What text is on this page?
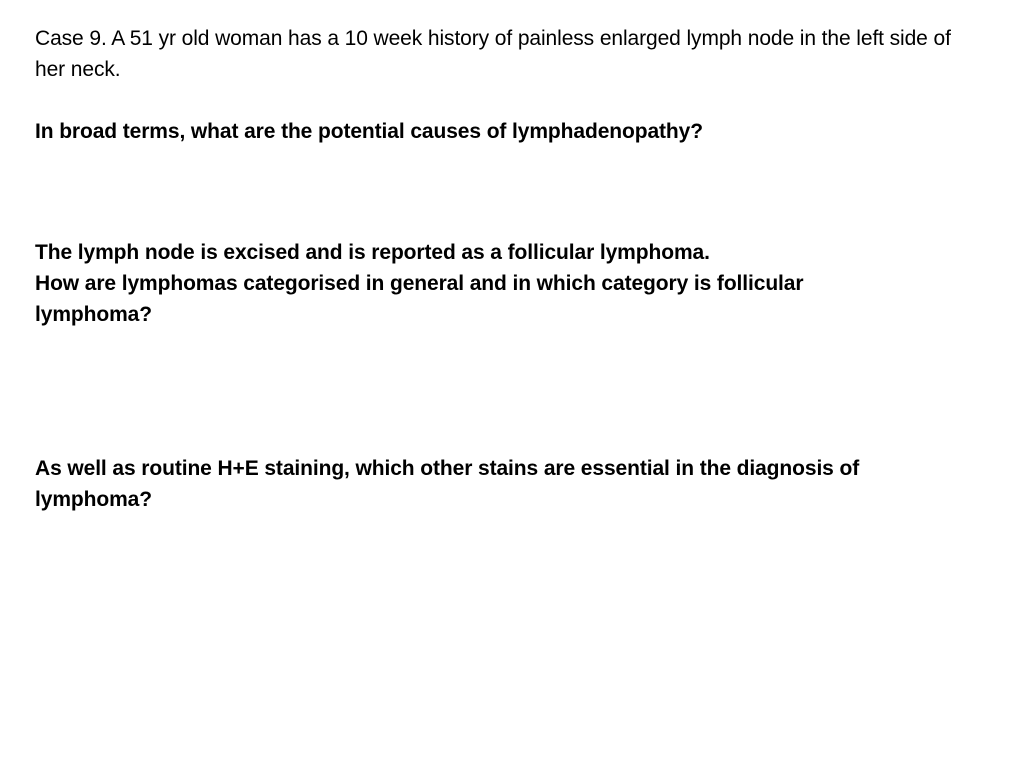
Case 9. A 51 yr old woman has a 10 week history of painless enlarged lymph node in the left side of her neck.

In broad terms, what are the potential causes of lymphadenopathy?

The lymph node is excised and is reported as a follicular lymphoma.

How are lymphomas categorised in general and in which category is follicular lymphoma?

As well as routine H+E staining, which other stains are essential in the diagnosis of lymphoma?
